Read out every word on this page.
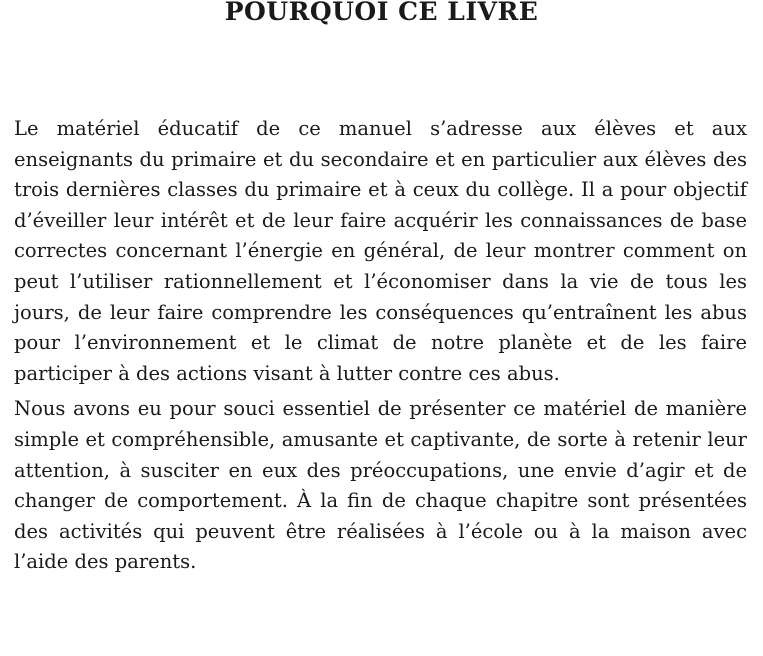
POURQUOI CE LIVRE

Le matériel éducatif de ce manuel s’adresse aux élèves et aux enseignants du primaire et du secondaire et en particulier aux élèves des trois dernières classes du primaire et à ceux du collège. Il a pour objectif d’éveiller leur intérêt et de leur faire acquérir les connaissances de base correctes concernant l’énergie en général, de leur montrer comment on peut l’utiliser rationnellement et l’économiser dans la vie de tous les jours, de leur faire comprendre les conséquences qu’entraînent les abus pour l’environnement et le climat de notre planète et de les faire participer à des actions visant à lutter contre ces abus.

Nous avons eu pour souci essentiel de présenter ce matériel de manière simple et compréhensible, amusante et captivante, de sorte à retenir leur attention, à susciter en eux des préoccupations, une envie d’agir et de changer de comportement. À la fin de chaque chapitre sont présentées des activités qui peuvent être réalisées à l’école ou à la maison avec l’aide des parents.
